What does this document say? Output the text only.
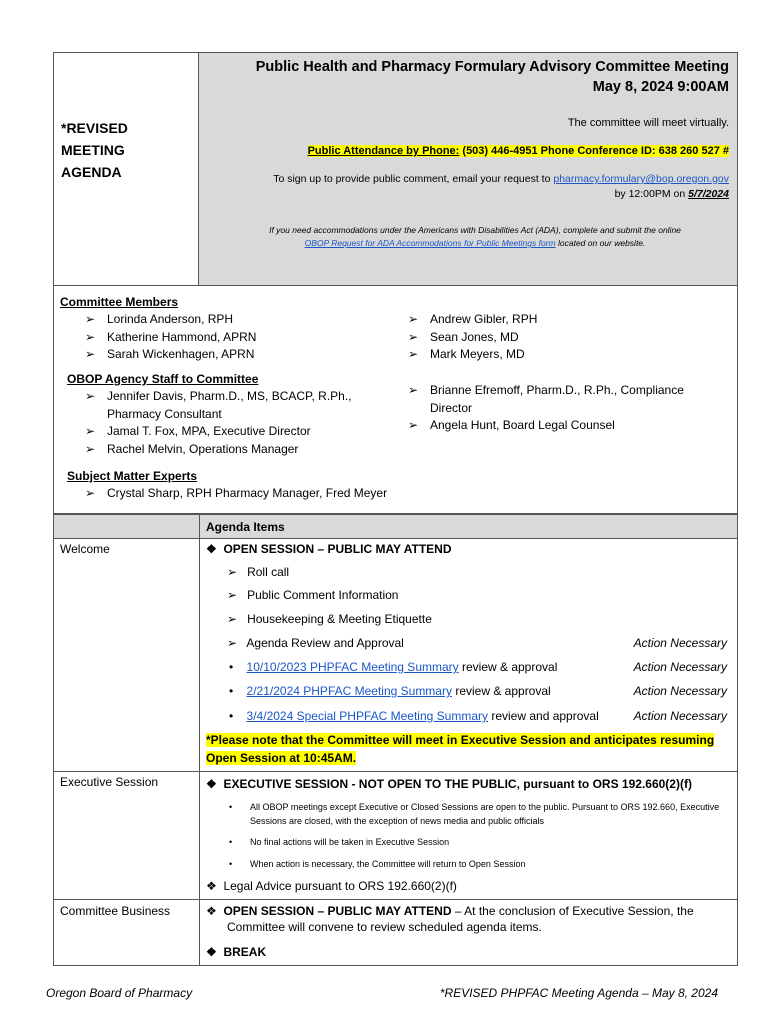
*REVISED MEETING AGENDA
Public Health and Pharmacy Formulary Advisory Committee Meeting
May 8, 2024 9:00AM
The committee will meet virtually.
Public Attendance by Phone: (503) 446-4951 Phone Conference ID: 638 260 527 #
To sign up to provide public comment, email your request to pharmacy.formulary@bop.oregon.gov
by 12:00PM on 5/7/2024
If you need accommodations under the Americans with Disabilities Act (ADA), complete and submit the online
OBOP Request for ADA Accommodations for Public Meetings form located on our website.
Committee Members
➢ Lorinda Anderson, RPH
➢ Katherine Hammond, APRN
➢ Sarah Wickenhagen, APRN
➢ Andrew Gibler, RPH
➢ Sean Jones, MD
➢ Mark Meyers, MD
OBOP Agency Staff to Committee
➢ Jennifer Davis, Pharm.D., MS, BCACP, R.Ph., Pharmacy Consultant
➢ Jamal T. Fox, MPA, Executive Director
➢ Rachel Melvin, Operations Manager
➢ Brianne Efremoff, Pharm.D., R.Ph., Compliance Director
➢ Angela Hunt, Board Legal Counsel
Subject Matter Experts
➢ Crystal Sharp, RPH Pharmacy Manager, Fred Meyer
Agenda Items
Welcome	❖ OPEN SESSION – PUBLIC MAY ATTEND
➢ Roll call
➢ Public Comment Information
➢ Housekeeping & Meeting Etiquette
➢ Agenda Review and Approval	Action Necessary
•    10/10/2023 PHPFAC Meeting Summary review & approval	Action Necessary
•    2/21/2024 PHPFAC Meeting Summary review & approval	Action Necessary
•    3/4/2024 Special PHPFAC Meeting Summary review and approval	Action Necessary
*Please note that the Committee will meet in Executive Session and anticipates resuming
Open Session at 10:45AM.
Executive Session	❖ EXECUTIVE SESSION - NOT OPEN TO THE PUBLIC, pursuant to ORS 192.660(2)(f)
• All OBOP meetings except Executive or Closed Sessions are open to the public. Pursuant to ORS 192.660, Executive Sessions are closed, with the exception of news media and public officials
• No final actions will be taken in Executive Session
• When action is necessary, the Committee will return to Open Session
❖ Legal Advice pursuant to ORS 192.660(2)(f)
Committee Business	❖ OPEN SESSION – PUBLIC MAY ATTEND – At the conclusion of Executive Session, the
Committee will convene to review scheduled agenda items.
❖ BREAK
Oregon Board of Pharmacy	*REVISED PHPFAC Meeting Agenda – May 8, 2024
